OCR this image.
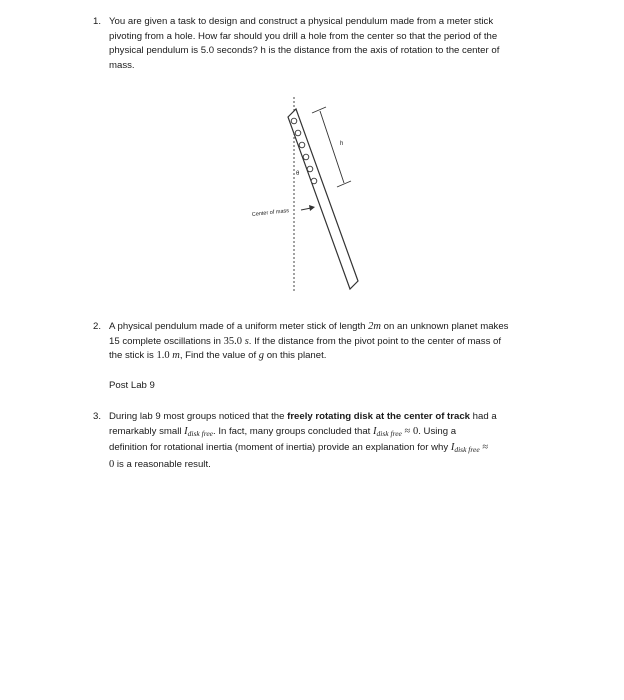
1. You are given a task to design and construct a physical pendulum made from a meter stick
pivoting from a hole. How far should you drill a hole from the center so that the period of the
physical pendulum is 5.0 seconds? h is the distance from the axis of rotation to the center of
mass.
h
θ
Center of mass
2. A physical pendulum made of a uniform meter stick of length 2m on an unknown planet makes
15 complete oscillations in 35.0 s. If the distance from the pivot point to the center of mass of
the stick is 1.0 m, Find the value of g on this planet.
Post Lab 9
3. During lab 9 most groups noticed that the freely rotating disk at the center of track had a
remarkably small $I_{disk free}$. In fact, many groups concluded that $I_{disk free} \approx 0$. Using a
definition for rotational inertia (moment of inertia) provide an explanation for why $I_{disk free}$ ≈
0 is a reasonable result.
